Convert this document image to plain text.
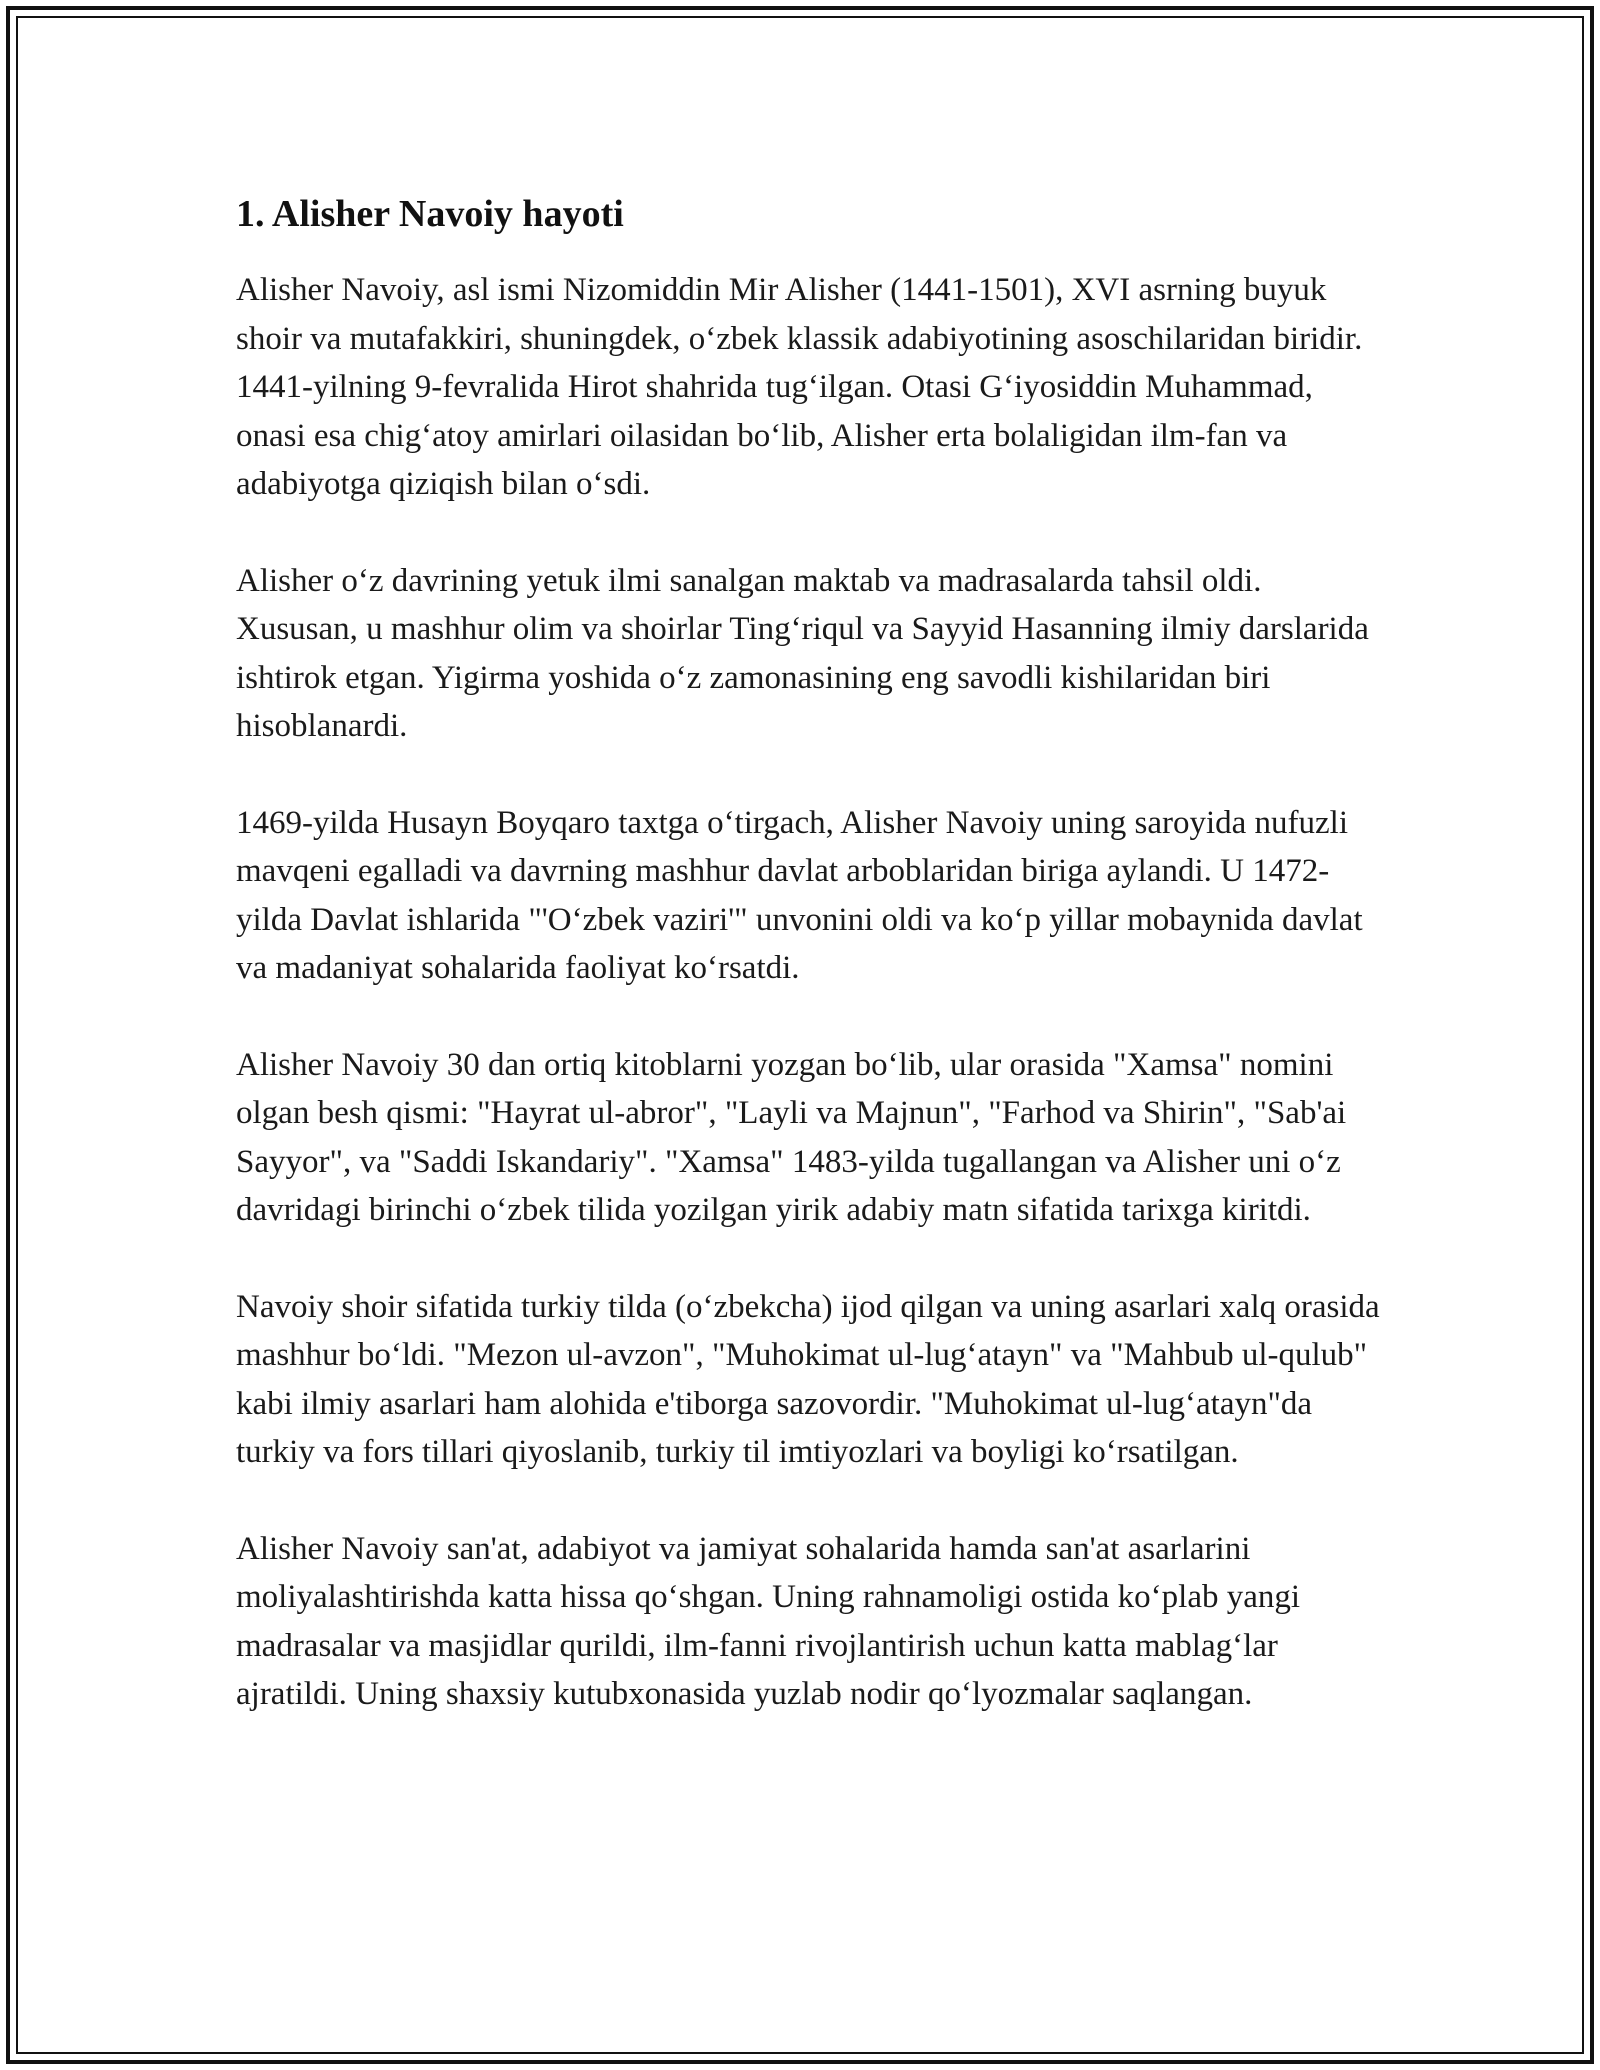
1. Alisher Navoiy hayoti

Alisher Navoiy, asl ismi Nizomiddin Mir Alisher (1441-1501), XVI asrning buyuk shoir va mutafakkiri, shuningdek, o‘zbek klassik adabiyotining asoschilaridan biridir. 1441-yilning 9-fevralida Hirot shahrida tug‘ilgan. Otasi G‘iyosiddin Muhammad, onasi esa chig‘atoy amirlari oilasidan bo‘lib, Alisher erta bolaligidan ilm-fan va adabiyotga qiziqish bilan o‘sdi.

Alisher o‘z davrining yetuk ilmi sanalgan maktab va madrasalarda tahsil oldi. Xususan, u mashhur olim va shoirlar Ting‘riqul va Sayyid Hasanning ilmiy darslarida ishtirok etgan. Yigirma yoshida o‘z zamonasining eng savodli kishilaridan biri hisoblanardi.

1469-yilda Husayn Boyqaro taxtga o‘tirgach, Alisher Navoiy uning saroyida nufuzli mavqeni egalladi va davrning mashhur davlat arboblaridan biriga aylandi. U 1472-yilda Davlat ishlarida "'O‘zbek vaziri'" unvonini oldi va ko‘p yillar mobaynida davlat va madaniyat sohalarida faoliyat ko‘rsatdi.

Alisher Navoiy 30 dan ortiq kitoblarni yozgan bo‘lib, ular orasida "Xamsa" nomini olgan besh qismi: "Hayrat ul-abror", "Layli va Majnun", "Farhod va Shirin", "Sab'ai Sayyor", va "Saddi Iskandariy". "Xamsa" 1483-yilda tugallangan va Alisher uni o‘z davridagi birinchi o‘zbek tilida yozilgan yirik adabiy matn sifatida tarixga kiritdi.

Navoiy shoir sifatida turkiy tilda (o‘zbekcha) ijod qilgan va uning asarlari xalq orasida mashhur bo‘ldi. "Mezon ul-avzon", "Muhokimat ul-lug‘atayn" va "Mahbub ul-qulub" kabi ilmiy asarlari ham alohida e'tiborga sazovordir. "Muhokimat ul-lug‘atayn"da turkiy va fors tillari qiyoslanib, turkiy til imtiyozlari va boyligi ko‘rsatilgan.

Alisher Navoiy san'at, adabiyot va jamiyat sohalarida hamda san'at asarlarini moliyalashtirishda katta hissa qo‘shgan. Uning rahnamoligi ostida ko‘plab yangi madrasalar va masjidlar qurildi, ilm-fanni rivojlantirish uchun katta mablag‘lar ajratildi. Uning shaxsiy kutubxonasida yuzlab nodir qo‘lyozmalar saqlangan.
